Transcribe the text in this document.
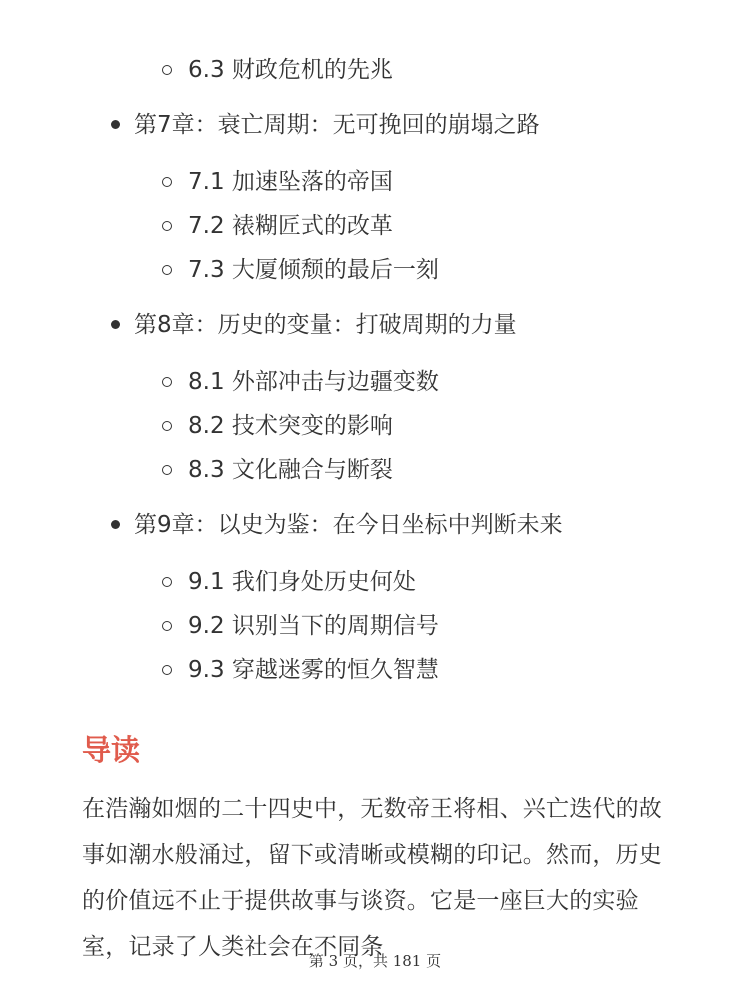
6.3 财政危机的先兆
第7章：衰亡周期：无可挽回的崩塌之路
7.1 加速坠落的帝国
7.2 裱糊匠式的改革
7.3 大厦倾颓的最后一刻
第8章：历史的变量：打破周期的力量
8.1 外部冲击与边疆变数
8.2 技术突变的影响
8.3 文化融合与断裂
第9章：以史为鉴：在今日坐标中判断未来
9.1 我们身处历史何处
9.2 识别当下的周期信号
9.3 穿越迷雾的恒久智慧
导读

在浩瀚如烟的二十四史中，无数帝王将相、兴亡迭代的故事如潮水般涌过，留下或清晰或模糊的印记。然而，历史的价值远不止于提供故事与谈资。它是一座巨大的实验室，记录了人类社会在不同条

第 3 页，共 181 页
